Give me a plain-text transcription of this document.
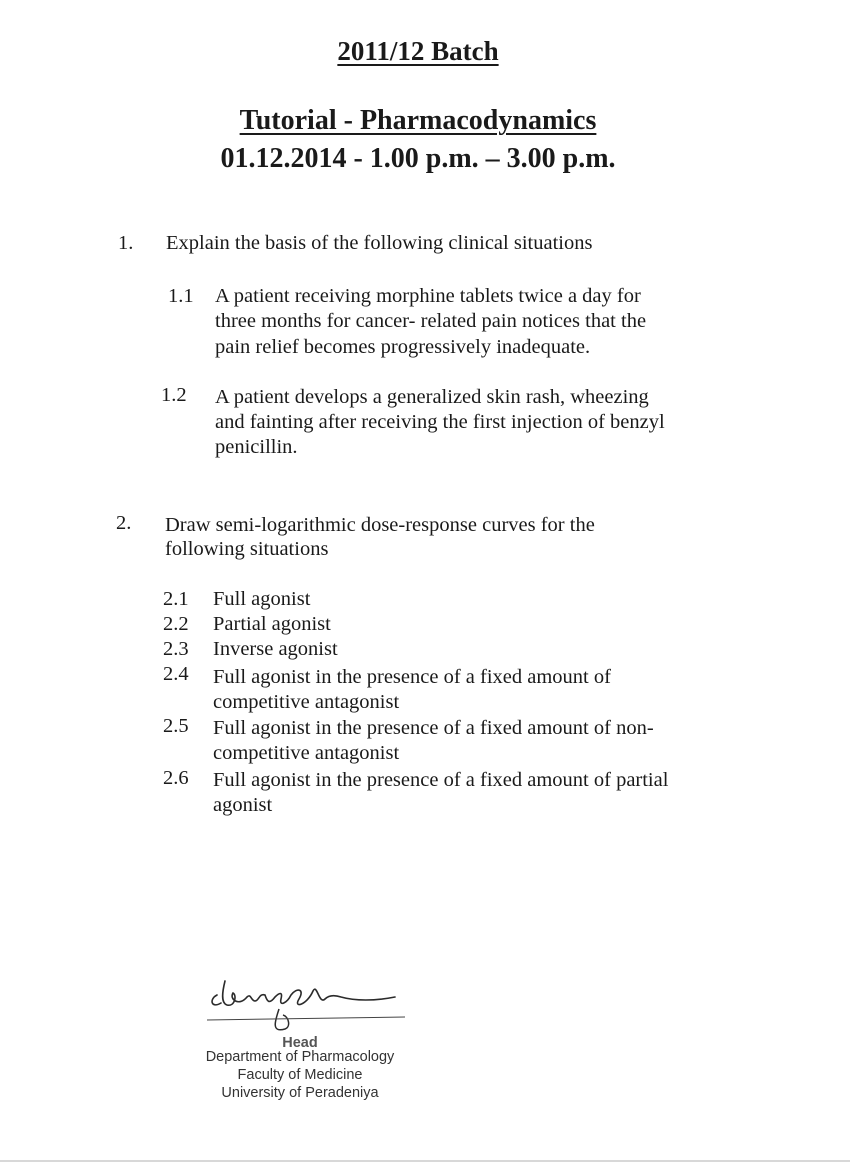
2011/12 Batch
Tutorial - Pharmacodynamics
01.12.2014 - 1.00 p.m. – 3.00 p.m.
1. Explain the basis of the following clinical situations
1.1 A patient receiving morphine tablets twice a day for
three months for cancer- related pain notices that the
pain relief becomes progressively inadequate.
1.2 A patient develops a generalized skin rash, wheezing
and fainting after receiving the first injection of benzyl
penicillin.
2. Draw semi-logarithmic dose-response curves for the
following situations
2.1 Full agonist
2.2 Partial agonist
2.3 Inverse agonist
2.4 Full agonist in the presence of a fixed amount of
competitive antagonist
2.5 Full agonist in the presence of a fixed amount of non-
competitive antagonist
2.6 Full agonist in the presence of a fixed amount of partial
agonist
Head
Department of Pharmacology
Faculty of Medicine
University of Peradeniya
